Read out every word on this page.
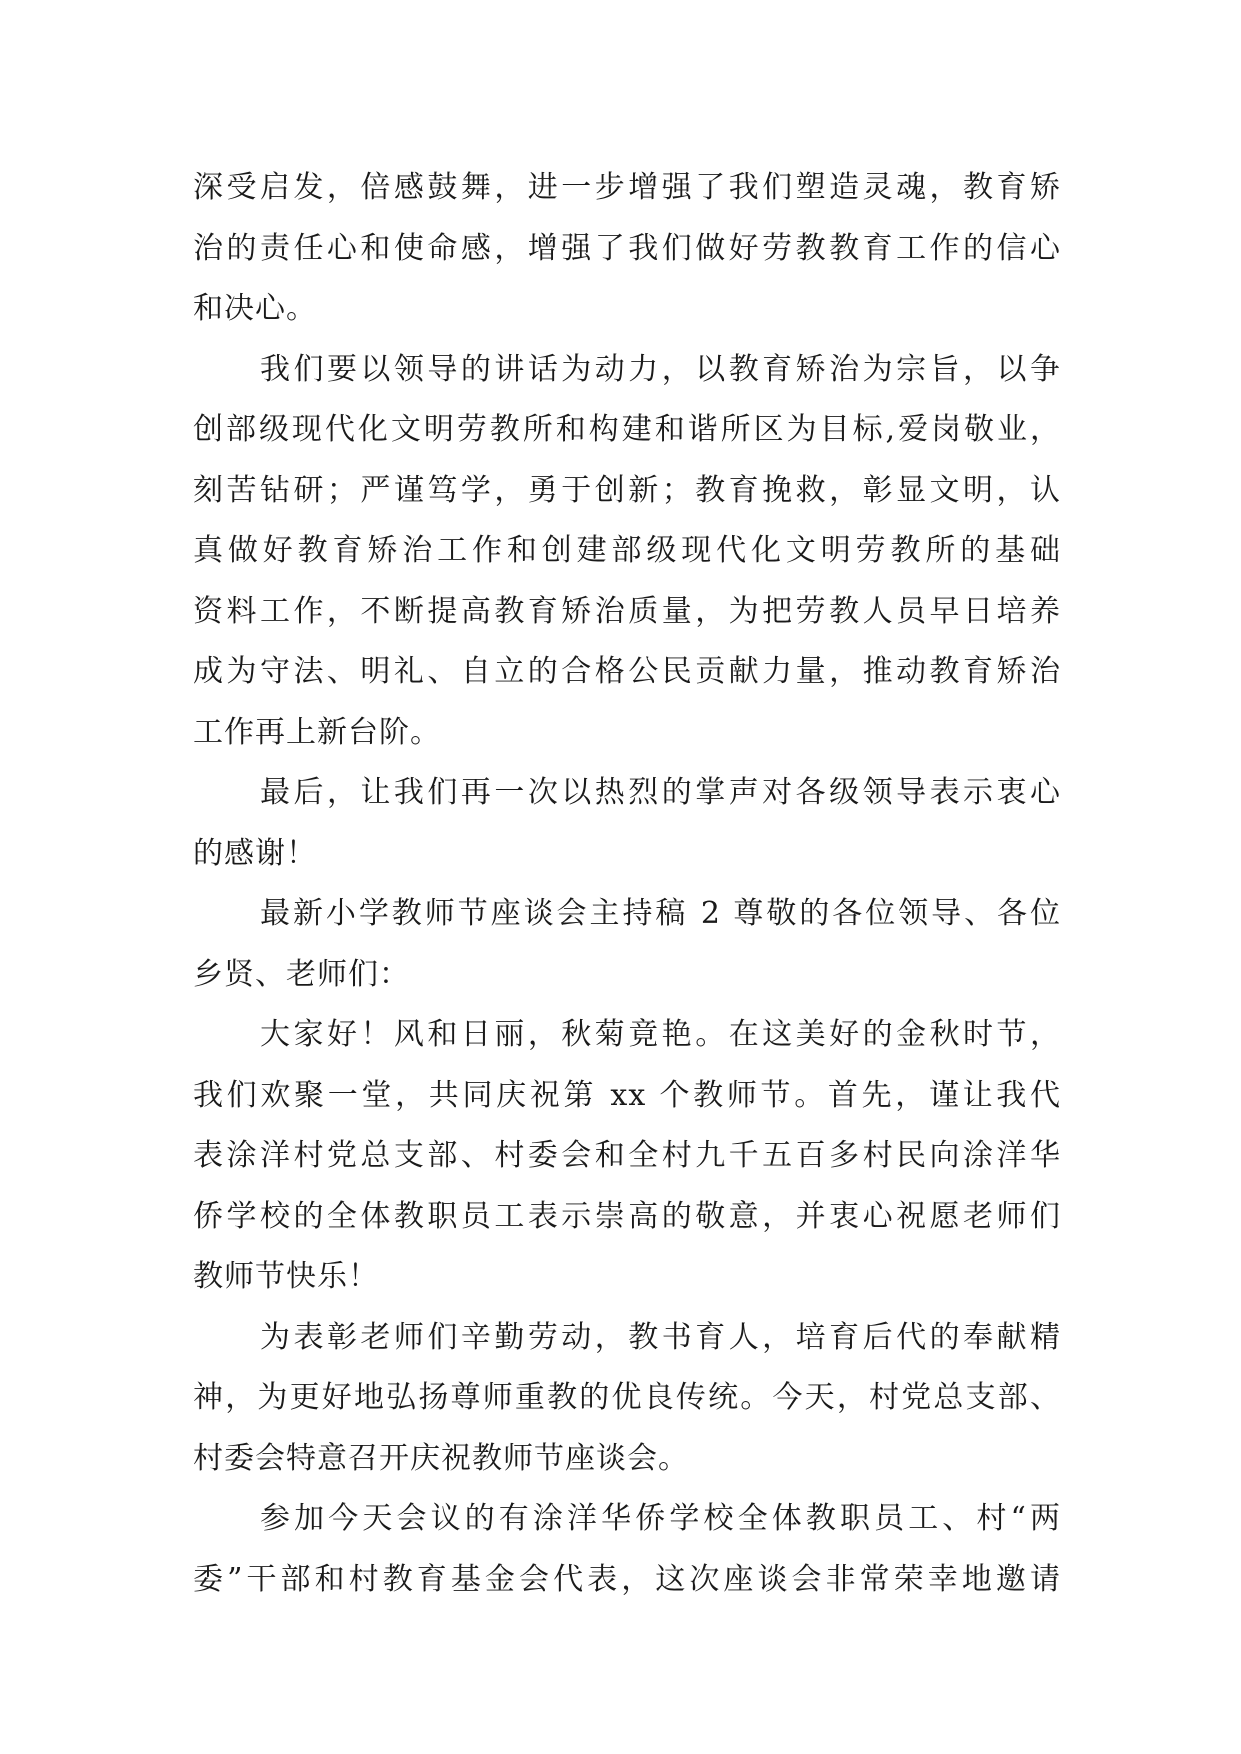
深受启发，倍感鼓舞，进一步增强了我们塑造灵魂，教育矫
治的责任心和使命感，增强了我们做好劳教教育工作的信心
和决心。
我们要以领导的讲话为动力，以教育矫治为宗旨，以争
创部级现代化文明劳教所和构建和谐所区为目标,爱岗敬业，
刻苦钻研；严谨笃学，勇于创新；教育挽救，彰显文明，认
真做好教育矫治工作和创建部级现代化文明劳教所的基础
资料工作，不断提高教育矫治质量，为把劳教人员早日培养
成为守法、明礼、自立的合格公民贡献力量，推动教育矫治
工作再上新台阶。
最后，让我们再一次以热烈的掌声对各级领导表示衷心
的感谢！
最新小学教师节座谈会主持稿 2 尊敬的各位领导、各位
乡贤、老师们：
大家好！风和日丽，秋菊竟艳。在这美好的金秋时节，
我们欢聚一堂，共同庆祝第 xx 个教师节。首先，谨让我代
表涂洋村党总支部、村委会和全村九千五百多村民向涂洋华
侨学校的全体教职员工表示崇高的敬意，并衷心祝愿老师们
教师节快乐！
为表彰老师们辛勤劳动，教书育人，培育后代的奉献精
神，为更好地弘扬尊师重教的优良传统。今天，村党总支部、
村委会特意召开庆祝教师节座谈会。
参加今天会议的有涂洋华侨学校全体教职员工、村“两
委”干部和村教育基金会代表，这次座谈会非常荣幸地邀请
